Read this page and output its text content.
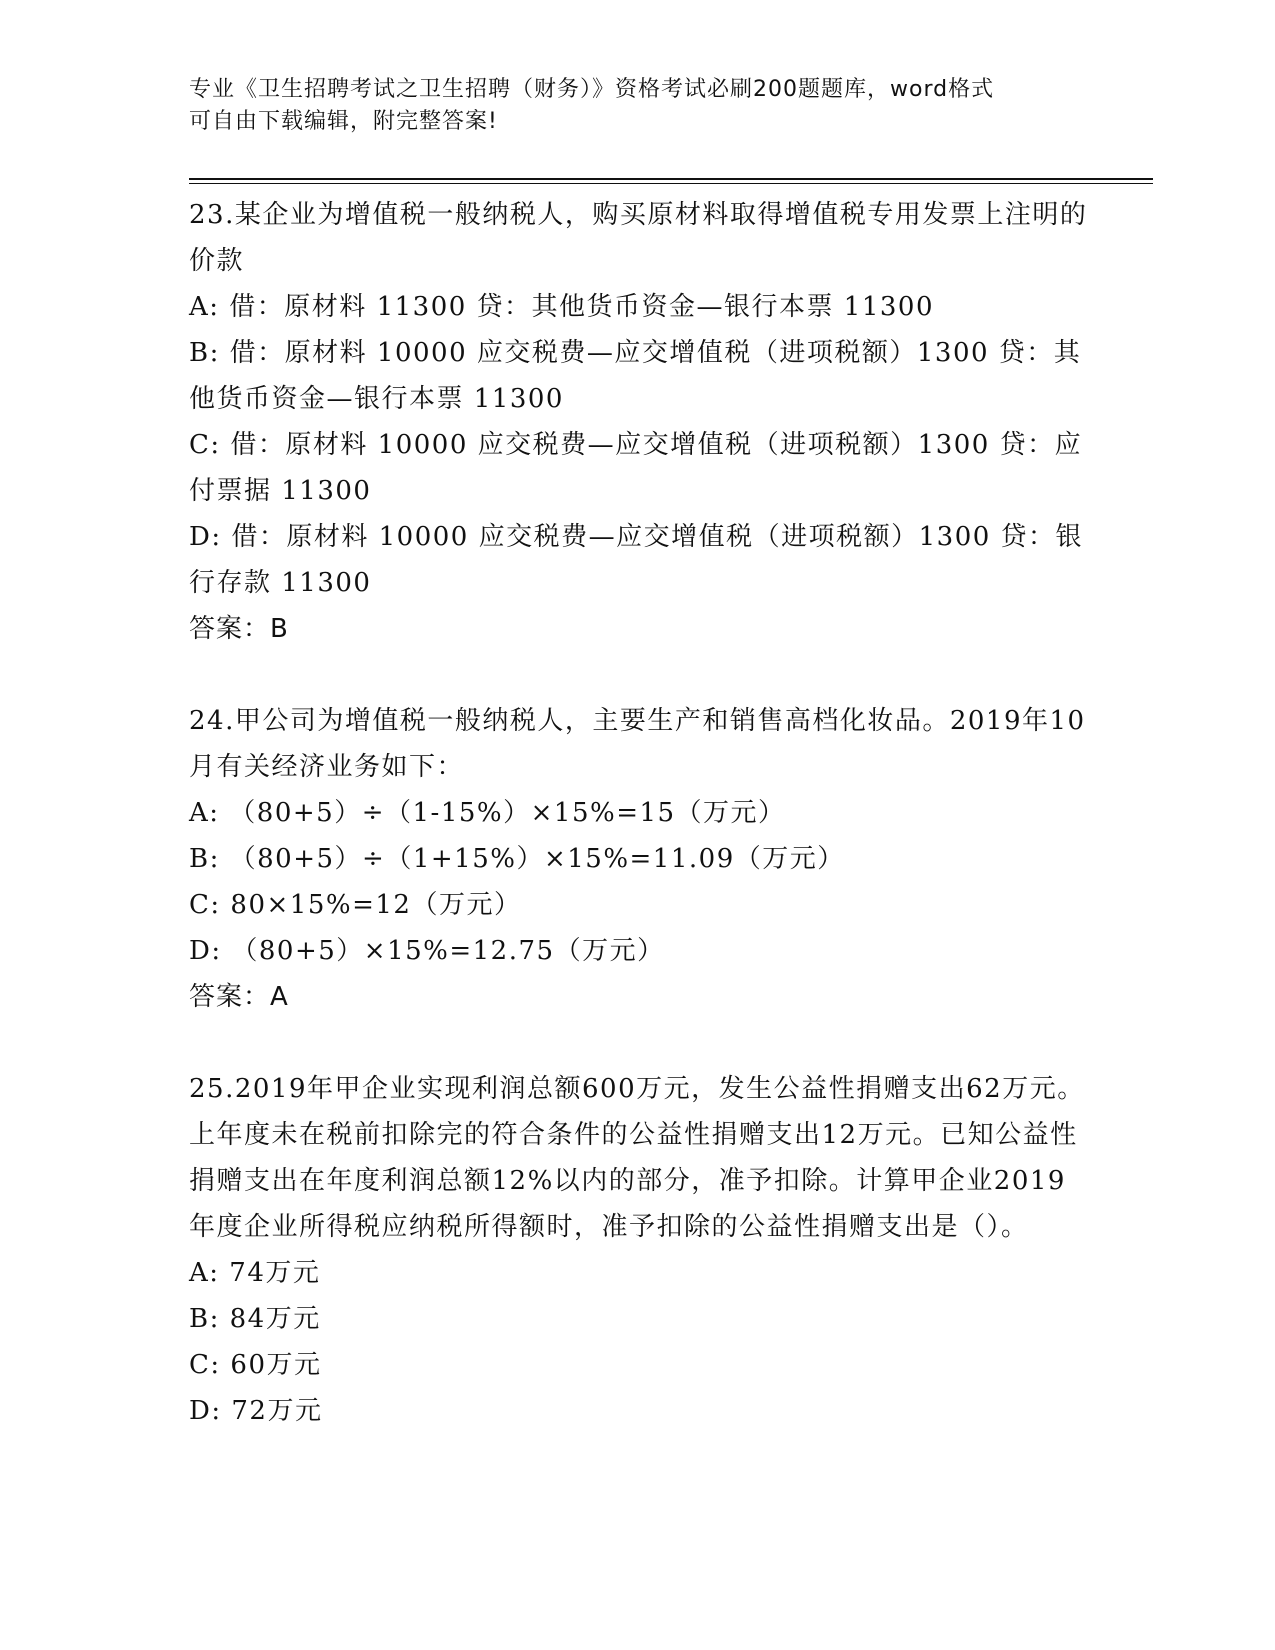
专业《卫生招聘考试之卫生招聘（财务）》资格考试必刷200题题库，word格式
可自由下载编辑，附完整答案!

23.某企业为增值税一般纳税人，购买原材料取得增值税专用发票上注明的价款

A: 借：原材料 11300 贷：其他货币资金—银行本票 11300

B: 借：原材料 10000 应交税费—应交增值税（进项税额）1300 贷：其他货币资金—银行本票 11300

C: 借：原材料 10000 应交税费—应交增值税（进项税额）1300 贷：应付票据 11300

D: 借：原材料 10000 应交税费—应交增值税（进项税额）1300 贷：银行存款 11300

答案：B

24.甲公司为增值税一般纳税人，主要生产和销售高档化妆品。2019年10月有关经济业务如下：

A: （80+5）÷（1-15%）×15%=15（万元）

B: （80+5）÷（1+15%）×15%=11.09（万元）

C: 80×15%=12（万元）

D: （80+5）×15%=12.75（万元）

答案：A

25.2019年甲企业实现利润总额600万元，发生公益性捐赠支出62万元。上年度未在税前扣除完的符合条件的公益性捐赠支出12万元。已知公益性捐赠支出在年度利润总额12%以内的部分，准予扣除。计算甲企业2019年度企业所得税应纳税所得额时，准予扣除的公益性捐赠支出是（）。

A: 74万元

B: 84万元

C: 60万元

D: 72万元
